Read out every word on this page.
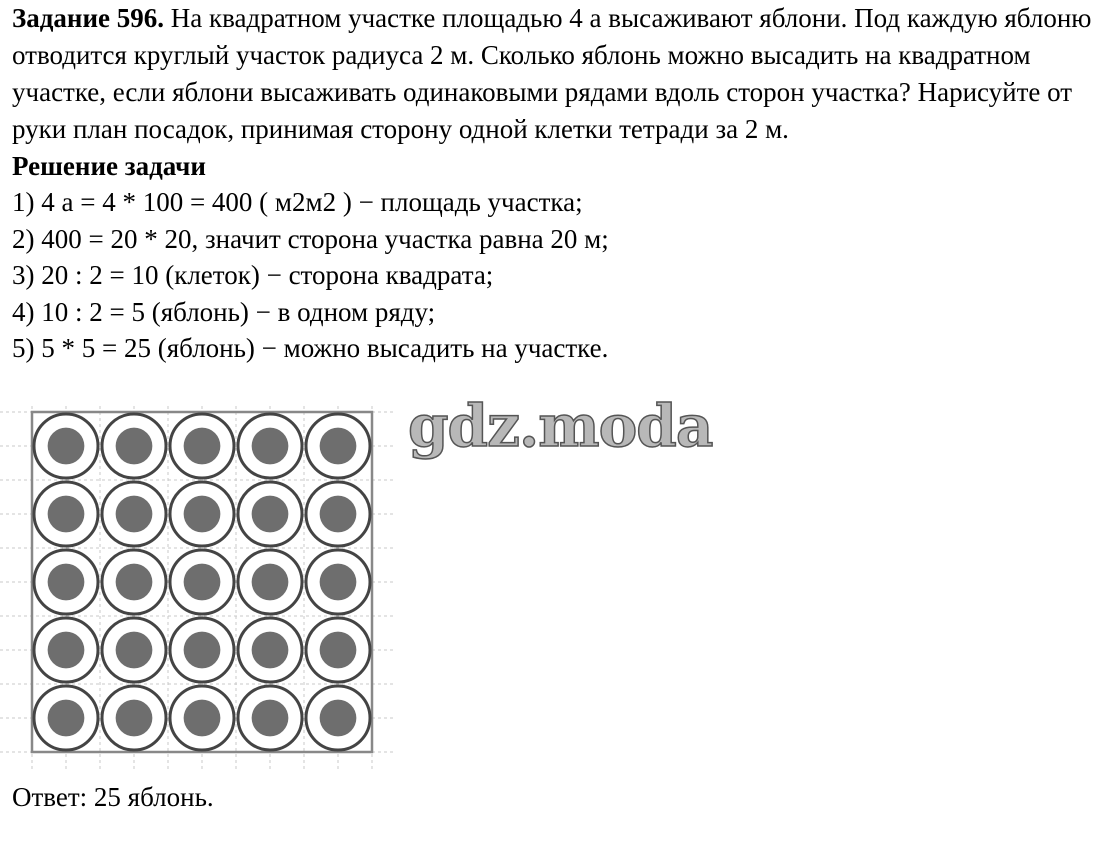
Задание 596. На квадратном участке площадью 4 а высаживают яблони. Под каждую яблоню отводится круглый участок радиуса 2 м. Сколько яблонь можно высадить на квадратном участке, если яблони высаживать одинаковыми рядами вдоль сторон участка? Нарисуйте от руки план посадок, принимая сторону одной клетки тетради за 2 м.

Решение задачи

1) 4 а = 4 * 100 = 400 ( м2м2 ) − площадь участка;
2) 400 = 20 * 20, значит сторона участка равна 20 м;
3) 20 : 2 = 10 (клеток) − сторона квадрата;
4) 10 : 2 = 5 (яблонь) − в одном ряду;
5) 5 * 5 = 25 (яблонь) − можно высадить на участке.
gdz.moda

Ответ: 25 яблонь.
